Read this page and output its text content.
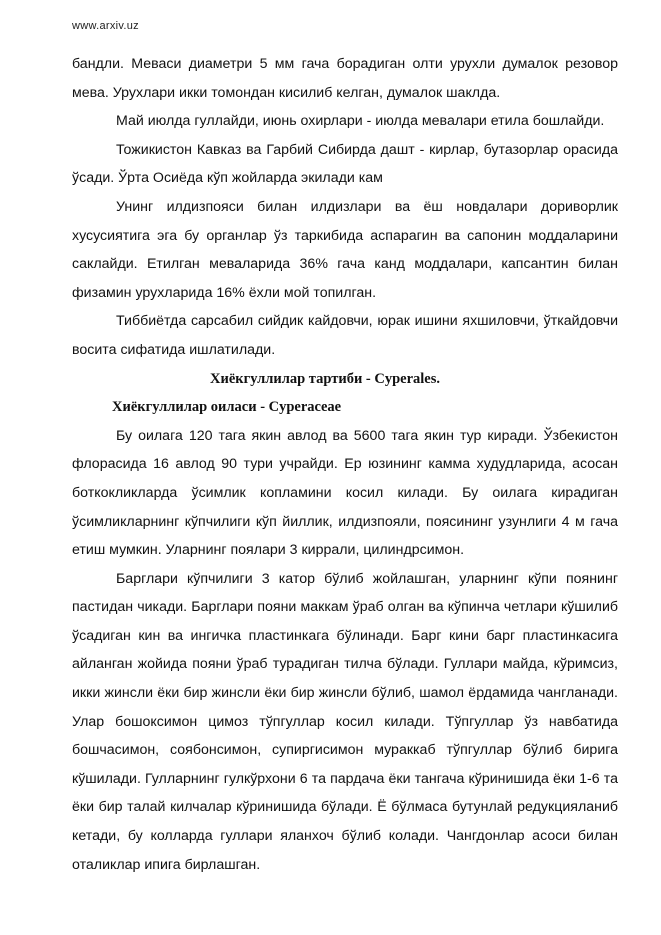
www.arxiv.uz

бандли. Меваси диаметри 5 мм гача борадиган олти урухли думалок резовор мева. Урухлари икки томондан кисилиб келган, думалок шаклда.

Май июлда гуллайди, июнь охирлари - июлда мевалари етила бошлайди.

Тожикистон Кавказ ва Гарбий Сибирда дашт - кирлар, бутазорлар орасида ўсади. Ўрта Осиёда кўп жойларда экилади кам

Унинг илдизпояси билан илдизлари ва ёш новдалари дориворлик хусусиятига эга бу органлар ўз таркибида аспарагин ва сапонин моддаларини саклайди. Етилган меваларида 36% гача канд моддалари, капсантин билан физамин урухларида 16% ёхли мой топилган.

Тиббиётда сарсабил сийдик кайдовчи, юрак ишини яхшиловчи, ўткайдовчи восита сифатида ишлатилади.

Хиёкгуллилар тартиби - Cyperales.

Хиёкгуллилар оиласи - Cyperaceae

Бу оилага 120 тага якин авлод ва 5600 тага якин тур киради. Ўзбекистон флорасида 16 авлод 90 тури учрайди. Ер юзининг камма худудларида, асосан боткокликларда ўсимлик копламини косил килади. Бу оилага кирадиган ўсимликларнинг кўпчилиги кўп йиллик, илдизпояли, поясининг узунлиги 4 м гача етиш мумкин. Уларнинг поялари 3 киррали, цилиндрсимон.

Барглари кўпчилиги 3 катор бўлиб жойлашган, уларнинг кўпи поянинг пастидан чикади. Барглари пояни маккам ўраб олган ва кўпинча четлари кўшилиб ўсадиган кин ва ингичка пластинкага бўлинади. Барг кини барг пластинкасига айланган жойида пояни ўраб турадиган тилча бўлади. Гуллари майда, кўримсиз, икки жинсли ёки бир жинсли ёки бир жинсли бўлиб, шамол ёрдамида чангланади. Улар бошоксимон цимоз тўпгуллар косил килади. Тўпгуллар ўз навбатида бошчасимон, соябонсимон, супиргисимон мураккаб тўпгуллар бўлиб бирига кўшилади. Гулларнинг гулкўрхони 6 та пардача ёки тангача кўринишида ёки 1-6 та ёки бир талай килчалар кўринишида бўлади. Ё бўлмаса бутунлай редукцияланиб кетади, бу колларда гуллари яланхоч бўлиб колади. Чангдонлар асоси билан оталиклар ипига бирлашган.
